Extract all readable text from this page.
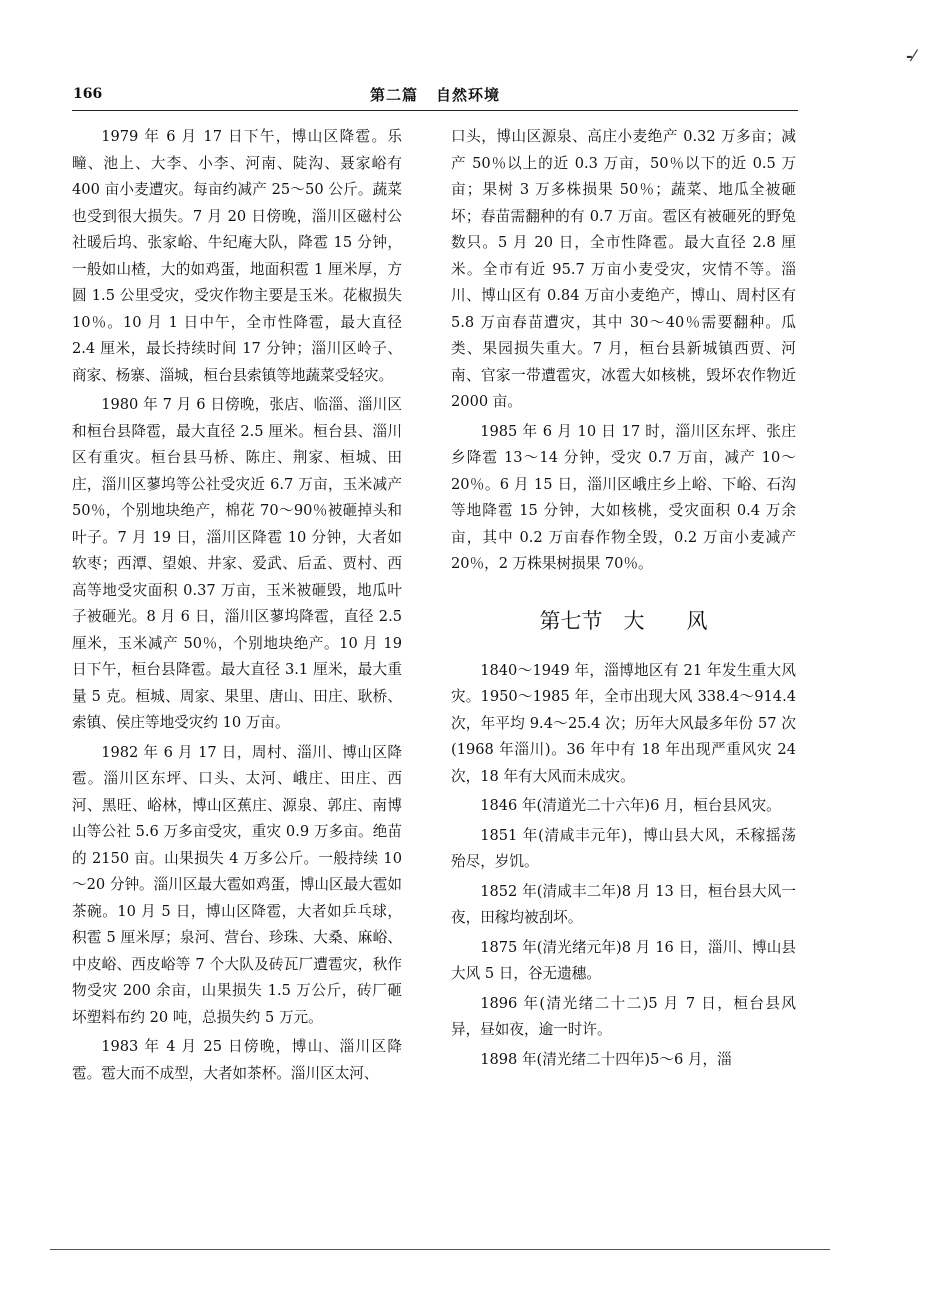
166	第二篇 自然环境
-⁄

1979 年 6 月 17 日下午，博山区降雹。乐疃、池上、大李、小李、河南、陡沟、聂家峪有 400 亩小麦遭灾。每亩约减产 25～50 公斤。蔬菜也受到很大损失。7 月 20 日傍晚，淄川区磁村公社暖后坞、张家峪、牛纪庵大队，降雹 15 分钟，一般如山楂，大的如鸡蛋，地面积雹 1 厘米厚，方圆 1.5 公里受灾，受灾作物主要是玉米。花椒损失 10％。10 月 1 日中午，全市性降雹，最大直径 2.4 厘米，最长持续时间 17 分钟；淄川区岭子、商家、杨寨、淄城，桓台县索镇等地蔬菜受轻灾。

1980 年 7 月 6 日傍晚，张店、临淄、淄川区和桓台县降雹，最大直径 2.5 厘米。桓台县、淄川区有重灾。桓台县马桥、陈庄、荆家、桓城、田庄，淄川区蓼坞等公社受灾近 6.7 万亩，玉米减产 50％，个别地块绝产，棉花 70～90％被砸掉头和叶子。7 月 19 日，淄川区降雹 10 分钟，大者如软枣；西潭、望娘、井家、爱武、后孟、贾村、西高等地受灾面积 0.37 万亩，玉米被砸毁，地瓜叶子被砸光。8 月 6 日，淄川区蓼坞降雹，直径 2.5 厘米，玉米减产 50％，个别地块绝产。10 月 19 日下午，桓台县降雹。最大直径 3.1 厘米，最大重量 5 克。桓城、周家、果里、唐山、田庄、耿桥、索镇、侯庄等地受灾约 10 万亩。

1982 年 6 月 17 日，周村、淄川、博山区降雹。淄川区东坪、口头、太河、峨庄、田庄、西河、黑旺、峪林，博山区蕉庄、源泉、郭庄、南博山等公社 5.6 万多亩受灾，重灾 0.9 万多亩。绝苗的 2150 亩。山果损失 4 万多公斤。一般持续 10～20 分钟。淄川区最大雹如鸡蛋，博山区最大雹如茶碗。10 月 5 日，博山区降雹，大者如乒乓球，积雹 5 厘米厚；泉河、营台、珍珠、大桑、麻峪、中皮峪、西皮峪等 7 个大队及砖瓦厂遭雹灾，秋作物受灾 200 余亩，山果损失 1.5 万公斤，砖厂砸坏塑料布约 20 吨，总损失约 5 万元。

1983 年 4 月 25 日傍晚，博山、淄川区降雹。雹大而不成型，大者如茶杯。淄川区太河、

口头，博山区源泉、高庄小麦绝产 0.32 万多亩；减产 50％以上的近 0.3 万亩，50％以下的近 0.5 万亩；果树 3 万多株损果 50％；蔬菜、地瓜全被砸坏；春苗需翻种的有 0.7 万亩。雹区有被砸死的野兔数只。5 月 20 日，全市性降雹。最大直径 2.8 厘米。全市有近 95.7 万亩小麦受灾，灾情不等。淄川、博山区有 0.84 万亩小麦绝产，博山、周村区有 5.8 万亩春苗遭灾，其中 30～40％需要翻种。瓜类、果园损失重大。7 月，桓台县新城镇西贾、河南、官家一带遭雹灾，冰雹大如核桃，毁坏农作物近 2000 亩。

1985 年 6 月 10 日 17 时，淄川区东坪、张庄乡降雹 13～14 分钟，受灾 0.7 万亩，减产 10～20％。6 月 15 日，淄川区峨庄乡上峪、下峪、石沟等地降雹 15 分钟，大如核桃，受灾面积 0.4 万余亩，其中 0.2 万亩春作物全毁，0.2 万亩小麦减产 20％，2 万株果树损果 70％。

第七节　大　　风

1840～1949 年，淄博地区有 21 年发生重大风灾。1950～1985 年，全市出现大风 338.4～914.4 次，年平均 9.4～25.4 次；历年大风最多年份 57 次(1968 年淄川)。36 年中有 18 年出现严重风灾 24 次，18 年有大风而未成灾。

1846 年(清道光二十六年)6 月，桓台县风灾。

1851 年(清咸丰元年)，博山县大风，禾稼摇荡殆尽，岁饥。

1852 年(清咸丰二年)8 月 13 日，桓台县大风一夜，田稼均被刮坏。

1875 年(清光绪元年)8 月 16 日，淄川、博山县大风 5 日，谷无遗穗。

1896 年(清光绪二十二)5 月 7 日，桓台县风异，昼如夜，逾一时许。

1898 年(清光绪二十四年)5～6 月，淄
